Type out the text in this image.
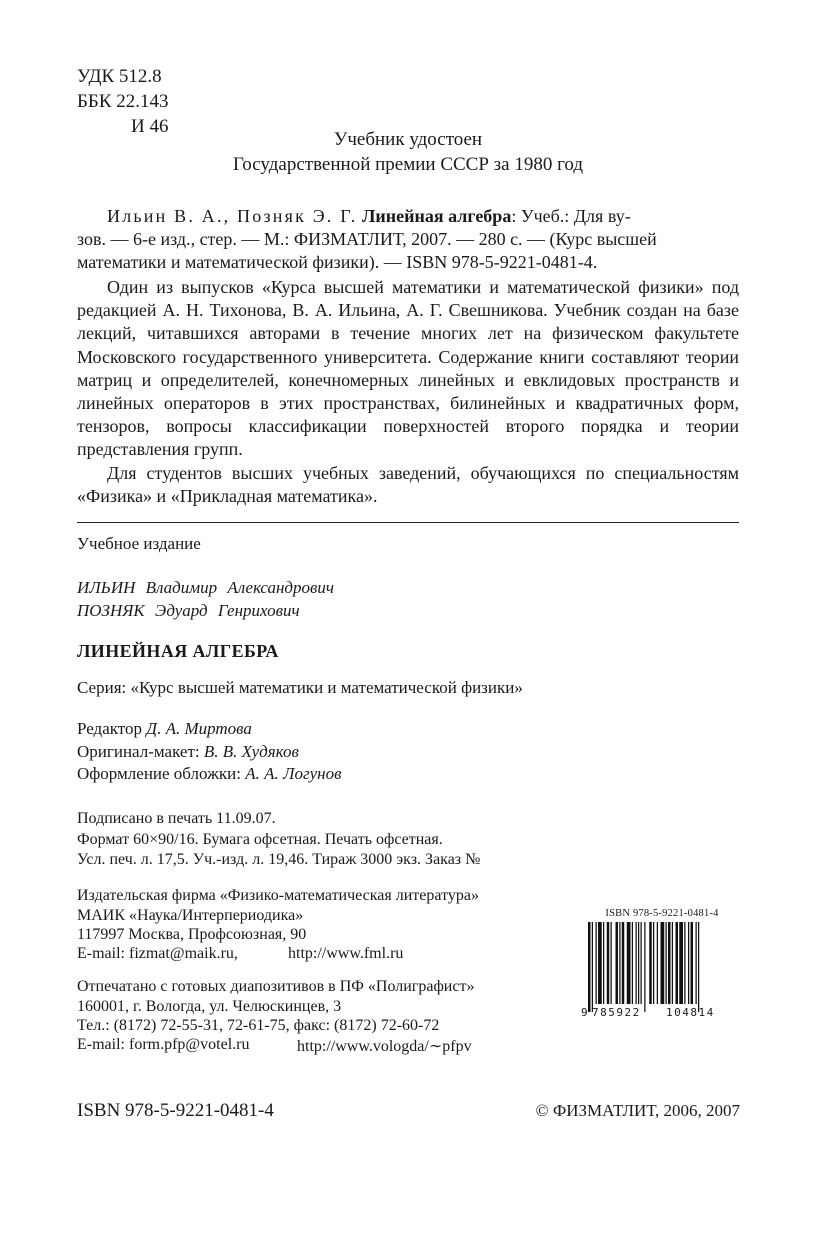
УДК 512.8
ББК 22.143
И 46
Учебник удостоен
Государственной премии СССР за 1980 год
Ильин В. А., Позняк Э. Г. Линейная алгебра: Учеб.: Для ву-
зов. — 6-е изд., стер. — М.: ФИЗМАТЛИТ, 2007. — 280 с. — (Курс высшей
математики и математической физики). — ISBN 978-5-9221-0481-4.

Один из выпусков «Курса высшей математики и математической физики» под редакцией А. Н. Тихонова, В. А. Ильина, А. Г. Свешникова. Учебник создан на базе лекций, читавшихся авторами в течение многих лет на физическом факультете Московского государственного университета. Содержание книги составляют теории матриц и определителей, конечномерных линейных и евклидовых пространств и линейных операторов в этих пространствах, билинейных и квадратичных форм, тензоров, вопросы классификации поверхностей второго порядка и теории представления групп.

Для студентов высших учебных заведений, обучающихся по специальностям «Физика» и «Прикладная математика».

Учебное издание
ИЛЬИН Владимир Александрович
ПОЗНЯК Эдуард Генрихович
ЛИНЕЙНАЯ АЛГЕБРА
Серия: «Курс высшей математики и математической физики»
Редактор Д. А. Миртова
Оригинал-макет: В. В. Худяков
Оформление обложки: А. А. Логунов
Подписано в печать 11.09.07.
Формат 60×90/16. Бумага офсетная. Печать офсетная.
Усл. печ. л. 17,5. Уч.-изд. л. 19,46. Тираж 3000 экз. Заказ №
Издательская фирма «Физико-математическая литература»
МАИК «Наука/Интерпериодика»
117997 Москва, Профсоюзная, 90
E-mail: fizmat@maik.ru,	http://www.fml.ru
Отпечатано с готовых диапозитивов в ПФ «Полиграфист»
160001, г. Вологда, ул. Челюскинцев, 3
Тел.: (8172) 72-55-31, 72-61-75, факс: (8172) 72-60-72
E-mail: form.pfp@votel.ru	http://www.vologda/∼pfpv
ISBN 978-5-9221-0481-4
9 785922 104814
ISBN 978-5-9221-0481-4	© ФИЗМАТЛИТ, 2006, 2007
